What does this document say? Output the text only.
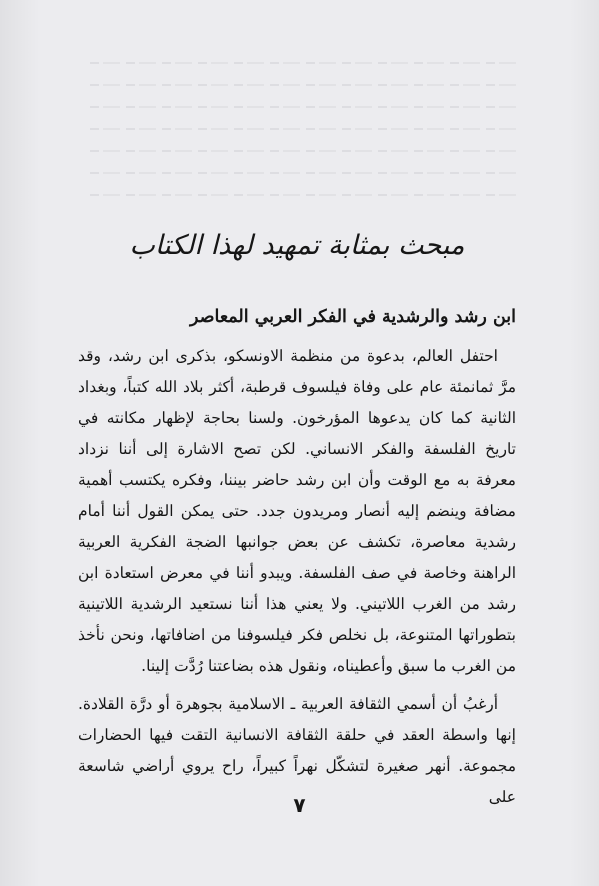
مبحث بمثابة تمهيد لهذا الكتاب
ابن رشد والرشدية في الفكر العربي المعاصر

احتفل العالم، بدعوة من منظمة الاونسكو، بذكرى ابن رشد، وقد مرَّ ثمانمئة عام على وفاة فيلسوف قرطبة، أكثر بلاد الله كتباً، وبغداد الثانية كما كان يدعوها المؤرخون. ولسنا بحاجة لإظهار مكانته في تاريخ الفلسفة والفكر الانساني. لكن تصح الاشارة إلى أننا نزداد معرفة به مع الوقت وأن ابن رشد حاضر بيننا، وفكره يكتسب أهمية مضافة وينضم إليه أنصار ومريدون جدد. حتى يمكن القول أننا أمام رشدية معاصرة، تكشف عن بعض جوانبها الضجة الفكرية العربية الراهنة وخاصة في صف الفلسفة. ويبدو أننا في معرض استعادة ابن رشد من الغرب اللاتيني. ولا يعني هذا أننا نستعيد الرشدية اللاتينية بتطوراتها المتنوعة، بل نخلص فكر فيلسوفنا من اضافاتها، ونحن نأخذ من الغرب ما سبق وأعطيناه، ونقول هذه بضاعتنا رُدَّت إلينا.

أرغبُ أن أسمي الثقافة العربية ـ الاسلامية بجوهرة أو درَّة القلادة. إنها واسطة العقد في حلقة الثقافة الانسانية التقت فيها الحضارات مجموعة. أنهر صغيرة لتشكّل نهراً كبيراً، راح يروي أراضي شاسعة على

٧
